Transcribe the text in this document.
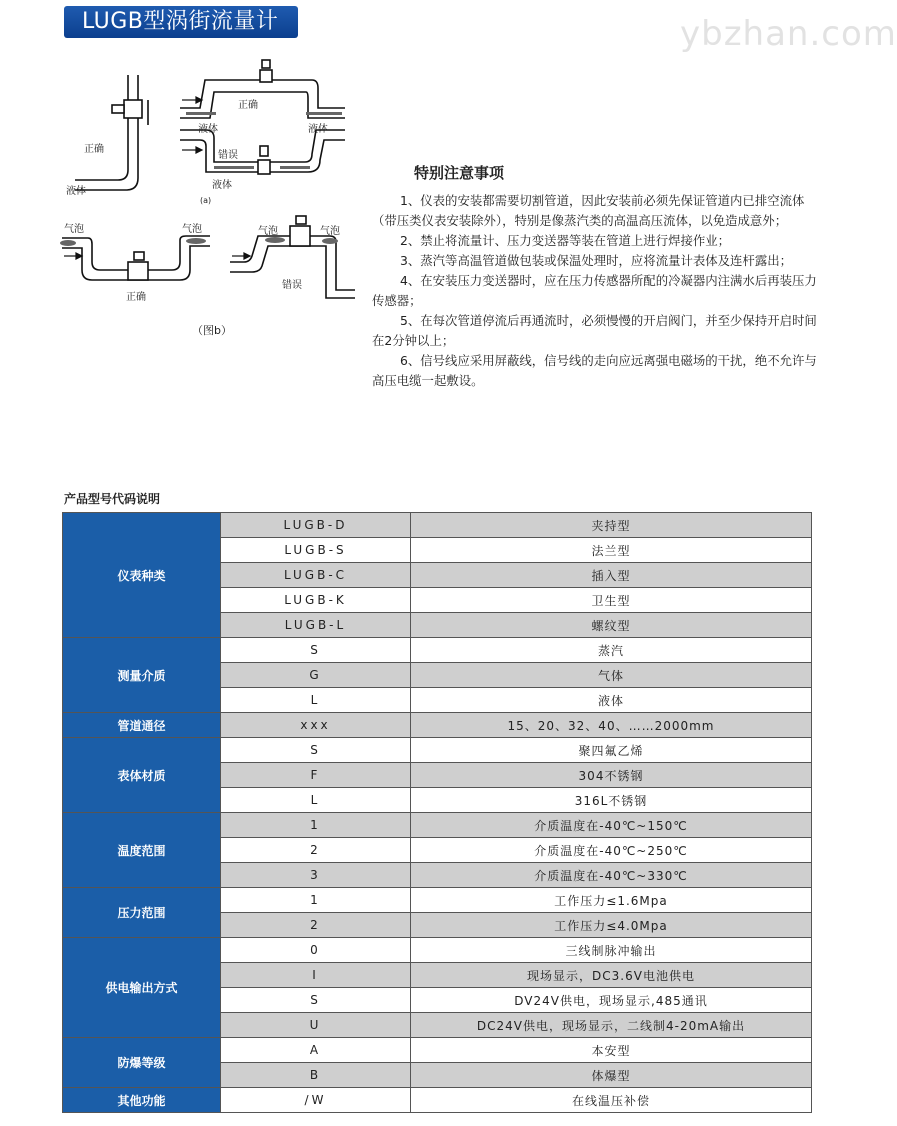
LUGB型涡街流量计	ybzhan.com
正确
液体
正确
液体	液体
错误
液体
(a)
气泡	气泡
正确
气泡	气泡
错误
（图b）
特别注意事项

1、仪表的安装都需要切割管道，因此安装前必须先保证管道内已排空流体（带压类仪表安装除外），特别是像蒸汽类的高温高压流体，以免造成意外；

2、禁止将流量计、压力变送器等装在管道上进行焊接作业；

3、蒸汽等高温管道做包装或保温处理时，应将流量计表体及连杆露出；

4、在安装压力变送器时，应在压力传感器所配的冷凝器内注满水后再装压力传感器；

5、在每次管道停流后再通流时，必须慢慢的开启阀门，并至少保持开启时间在2分钟以上；

6、信号线应采用屏蔽线，信号线的走向应远离强电磁场的干扰，绝不允许与高压电缆一起敷设。

产品型号代码说明
仪表种类	LUGB-D	夹持型
	LUGB-S	法兰型
	LUGB-C	插入型
	LUGB-K	卫生型
	LUGB-L	螺纹型
测量介质	S	蒸汽
	G	气体
	L	液体
管道通径	xxx	15、20、32、40、……2000mm
表体材质	S	聚四氟乙烯
	F	304不锈钢
	L	316L不锈钢
温度范围	1	介质温度在-40℃~150℃
	2	介质温度在-40℃~250℃
	3	介质温度在-40℃~330℃
压力范围	1	工作压力≤1.6Mpa
	2	工作压力≤4.0Mpa
供电输出方式	0	三线制脉冲输出
	I	现场显示，DC3.6V电池供电
	S	DV24V供电，现场显示,485通讯
	U	DC24V供电，现场显示，二线制4-20mA输出
防爆等级	A	本安型
	B	体爆型
其他功能	/W	在线温压补偿
